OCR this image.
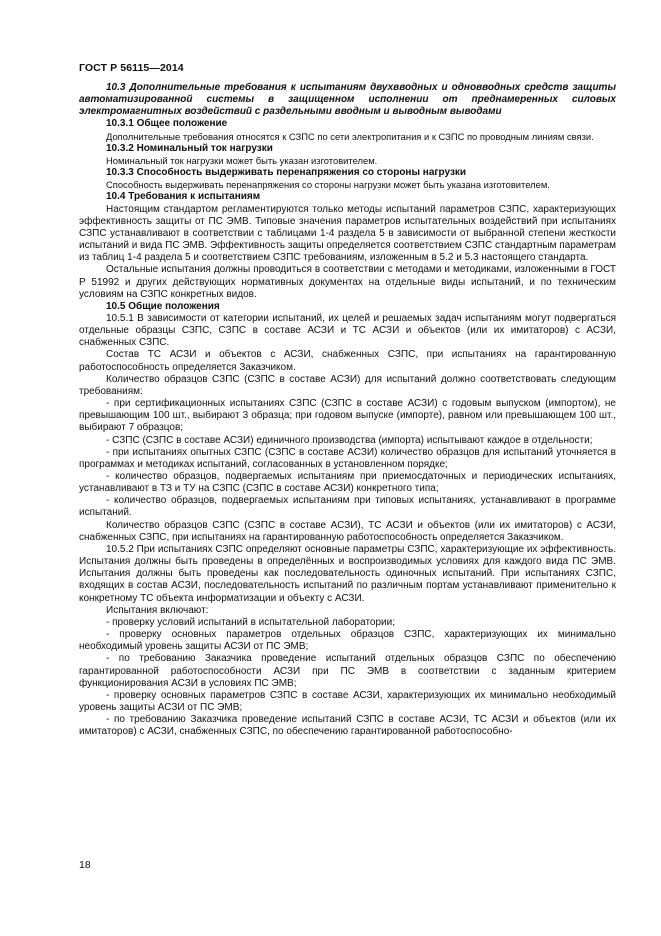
ГОСТ Р 56115—2014

10.3 Дополнительные требования к испытаниям двухвводных и одновводных средств защиты автоматизированной системы в защищенном исполнении от преднамеренных силовых электромагнитных воздействий с раздельными вводным и выводным выводами

10.3.1 Общее положение

Дополнительные требования относятся к СЗПС по сети электропитания и к СЗПС по проводным линиям связи.

10.3.2 Номинальный ток нагрузки

Номинальный ток нагрузки может быть указан изготовителем.

10.3.3 Способность выдерживать перенапряжения со стороны нагрузки

Способность выдерживать перенапряжения со стороны нагрузки может быть указана изготовителем.

10.4 Требования к испытаниям

Настоящим стандартом регламентируются только методы испытаний параметров СЗПС, характеризующих эффективность защиты от ПС ЭМВ. Типовые значения параметров испытательных воздействий при испытаниях СЗПС устанавливают в соответствии с таблицами 1-4 раздела 5 в зависимости от выбранной степени жесткости испытаний и вида ПС ЭМВ. Эффективность защиты определяется соответствием СЗПС стандартным параметрам из таблиц 1-4 раздела 5 и соответствием СЗПС требованиям, изложенным в 5.2 и 5.3 настоящего стандарта.

Остальные испытания должны проводиться в соответствии с методами и методиками, изложенными в ГОСТ Р 51992 и других действующих нормативных документах на отдельные виды испытаний, и по техническим условиям на СЗПС конкретных видов.

10.5 Общие положения

10.5.1 В зависимости от категории испытаний, их целей и решаемых задач испытаниям могут подвергаться отдельные образцы СЗПС, СЗПС в составе АСЗИ и ТС АСЗИ и объектов (или их имитаторов) с АСЗИ, снабженных СЗПС.

Состав ТС АСЗИ и объектов с АСЗИ, снабженных СЗПС, при испытаниях на гарантированную работоспособность определяется Заказчиком.

Количество образцов СЗПС (СЗПС в составе АСЗИ) для испытаний должно соответствовать следующим требованиям:

- при сертификационных испытаниях СЗПС (СЗПС в составе АСЗИ) с годовым выпуском (импортом), не превышающим 100 шт., выбирают 3 образца; при годовом выпуске (импорте), равном или превышающем 100 шт., выбирают 7 образцов;

- СЗПС (СЗПС в составе АСЗИ) единичного производства (импорта) испытывают каждое в отдельности;

- при испытаниях опытных СЗПС (СЗПС в составе АСЗИ) количество образцов для испытаний уточняется в программах и методиках испытаний, согласованных в установленном порядке;

- количество образцов, подвергаемых испытаниям при приемосдаточных и периодических испытаниях, устанавливают в ТЗ и ТУ на СЗПС (СЗПС в составе АСЗИ) конкретного типа;

- количество образцов, подвергаемых испытаниям при типовых испытаниях, устанавливают в программе испытаний.

Количество образцов СЗПС (СЗПС в составе АСЗИ), ТС АСЗИ и объектов (или их имитаторов) с АСЗИ, снабженных СЗПС, при испытаниях на гарантированную работоспособность определяется Заказчиком.

10.5.2 При испытаниях СЗПС определяют основные параметры СЗПС, характеризующие их эффективность. Испытания должны быть проведены в определённых и воспроизводимых условиях для каждого вида ПС ЭМВ. Испытания должны быть проведены как последовательность одиночных испытаний. При испытаниях СЗПС, входящих в состав АСЗИ, последовательность испытаний по различным портам устанавливают применительно к конкретному ТС объекта информатизации и объекту с АСЗИ.

Испытания включают:

- проверку условий испытаний в испытательной лаборатории;

- проверку основных параметров отдельных образцов СЗПС, характеризующих их минимально необходимый уровень защиты АСЗИ от ПС ЭМВ;

- по требованию Заказчика проведение испытаний отдельных образцов СЗПС по обеспечению гарантированной работоспособности АСЗИ при ПС ЭМВ в соответствии с заданным критерием функционирования АСЗИ в условиях ПС ЭМВ;

- проверку основных параметров СЗПС в составе АСЗИ, характеризующих их минимально необходимый уровень защиты АСЗИ от ПС ЭМВ;

- по требованию Заказчика проведение испытаний СЗПС в составе АСЗИ, ТС АСЗИ и объектов (или их имитаторов) с АСЗИ, снабженных СЗПС, по обеспечению гарантированной работоспособно-

18
